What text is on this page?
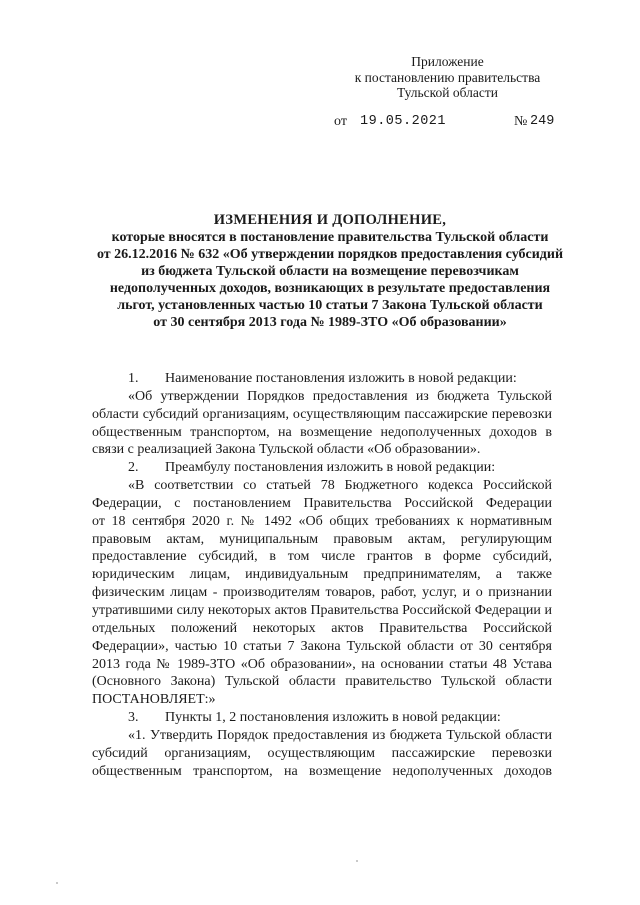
Приложение
к постановлению правительства
Тульской области
от 19.05.2021	№ 249
ИЗМЕНЕНИЯ И ДОПОЛНЕНИЕ,
которые вносятся в постановление правительства Тульской области
от 26.12.2016 № 632 «Об утверждении порядков предоставления субсидий
из бюджета Тульской области на возмещение перевозчикам
недополученных доходов, возникающих в результате предоставления
льгот, установленных частью 10 статьи 7 Закона Тульской области
от 30 сентября 2013 года № 1989-ЗТО «Об образовании»
1. Наименование постановления изложить в новой редакции:
«Об утверждении Порядков предоставления из бюджета Тульской
области субсидий организациям, осуществляющим пассажирские перевозки
общественным транспортом, на возмещение недополученных доходов в
связи с реализацией Закона Тульской области «Об образовании».
2. Преамбулу постановления изложить в новой редакции:
«В соответствии со статьей 78 Бюджетного кодекса Российской
Федерации, с постановлением Правительства Российской Федерации
от 18 сентября 2020 г. № 1492 «Об общих требованиях к нормативным
правовым актам, муниципальным правовым актам, регулирующим
предоставление субсидий, в том числе грантов в форме субсидий,
юридическим лицам, индивидуальным предпринимателям, а также
физическим лицам - производителям товаров, работ, услуг, и о признании
утратившими силу некоторых актов Правительства Российской Федерации и
отдельных положений некоторых актов Правительства Российской
Федерации», частью 10 статьи 7 Закона Тульской области от 30 сентября
2013 года № 1989-ЗТО «Об образовании», на основании статьи 48 Устава
(Основного Закона) Тульской области правительство Тульской области
ПОСТАНОВЛЯЕТ:»
3. Пункты 1, 2 постановления изложить в новой редакции:
«1. Утвердить Порядок предоставления из бюджета Тульской области
субсидий организациям, осуществляющим пассажирские перевозки
общественным транспортом, на возмещение недополученных доходов
